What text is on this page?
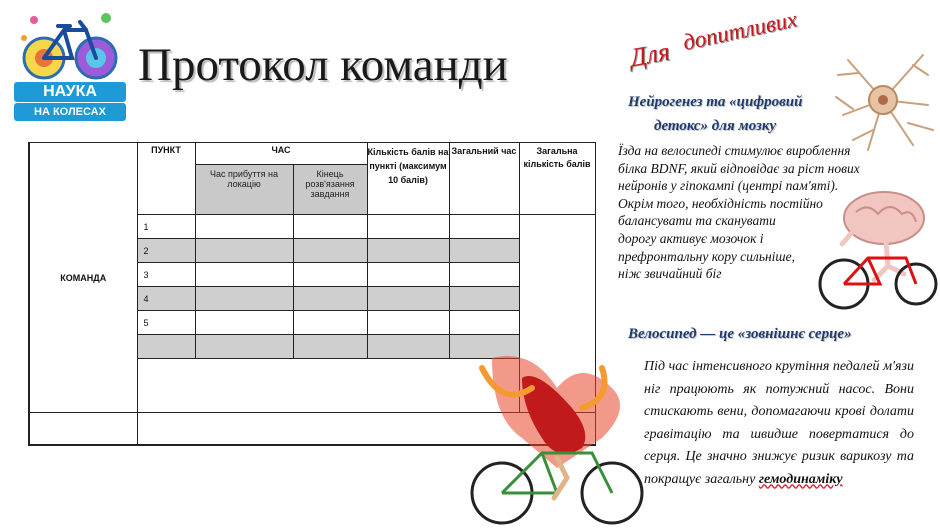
НАУКА
НА КОЛЕСАХ
Протокол команди
КОМАНДА	ПУНКТ	ЧАС		Кількість балів на пункті (максимум 10 балів)	Загальний час	Загальна кількість балів
		Час прибуття на локацію	Кінець розв'язання завдання			
	1					
	2					
	3					
	4					
	5					

Для допитливих
Нейрогенез та «цифровий
детокс» для мозку
Їзда на велосипеді стимулює вироблення
білка BDNF, який відповідає за ріст нових
нейронів у гіпокампі (центрі пам'яті).
Окрім того, необхідність постійно
балансувати та сканувати
дорогу активує мозочок і
префронтальну кору сильніше,
ніж звичайний біг
Велосипед — це «зовнішнє серце»
Під час інтенсивного крутіння педалей м'язи ніг працюють як потужний насос. Вони стискають вени, допомагаючи крові долати гравітацію та швидше повертатися до серця. Це значно знижує ризик варикозу та покращує загальну гемодинаміку
